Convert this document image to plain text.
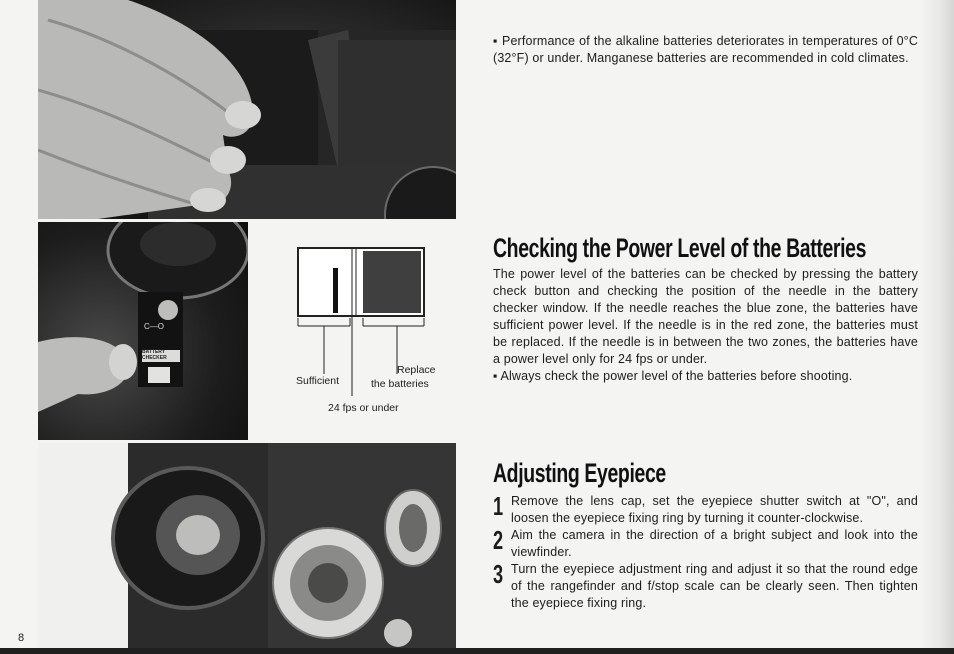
C—O
BATTERY
CHECKER
Sufficient
Replace
the batteries
24 fps or under
▪ Performance of the alkaline batteries deteriorates in temperatures of 0°C (32°F) or under. Manganese batteries are recommended in cold climates.
Checking the Power Level of the Batteries
The power level of the batteries can be checked by pressing the battery check button and checking the position of the needle in the battery checker window. If the needle reaches the blue zone, the batteries have sufficient power level. If the needle is in the red zone, the batteries must be replaced. If the needle is in between the two zones, the batteries have a power level only for 24 fps or under.
▪ Always check the power level of the batteries before shooting.
Adjusting Eyepiece
1 Remove the lens cap, set the eyepiece shutter switch at "O", and loosen the eyepiece fixing ring by turning it counter-clockwise.
2 Aim the camera in the direction of a bright subject and look into the viewfinder.
3 Turn the eyepiece adjustment ring and adjust it so that the round edge of the rangefinder and f/stop scale can be clearly seen. Then tighten the eyepiece fixing ring.
8
